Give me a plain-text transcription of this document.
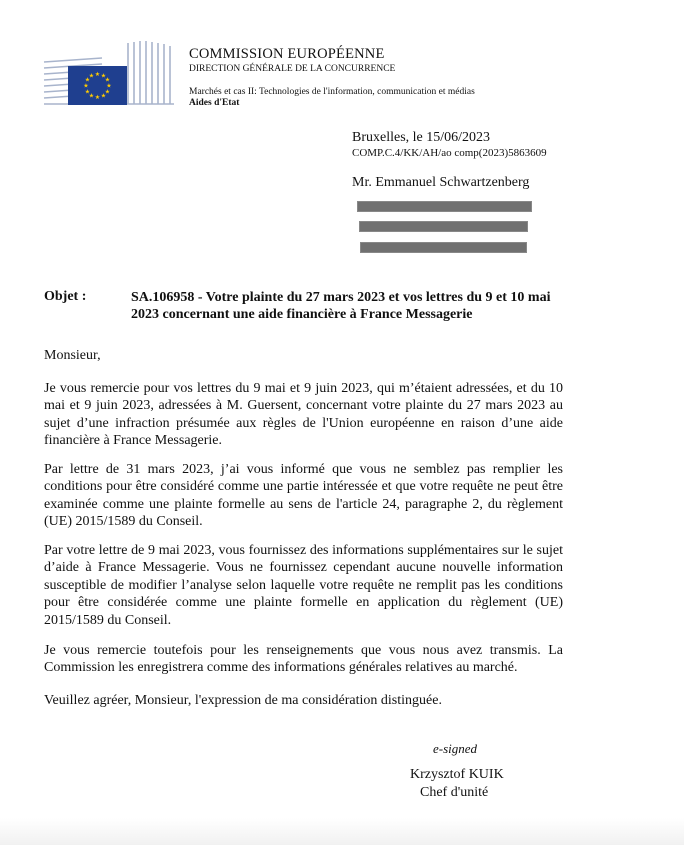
★ ★
★
★
★
★
★
★
★
★
★
★
COMMISSION EUROPÉENNE
DIRECTION GÉNÉRALE DE LA CONCURRENCE
Marchés et cas II: Technologies de l'information, communication et médias
Aides d'Etat
Bruxelles, le 15/06/2023
COMP.C.4/KK/AH/ao comp(2023)5863609
Mr. Emmanuel Schwartzenberg
Objet :	SA.106958 - Votre plainte du 27 mars 2023 et vos lettres du 9 et 10 mai 2023 concernant une aide financière à France Messagerie

Monsieur,

Je vous remercie pour vos lettres du 9 mai et 9 juin 2023, qui m’étaient adressées, et du 10 mai et 9 juin 2023, adressées à M. Guersent, concernant votre plainte du 27 mars 2023 au sujet d’une infraction présumée aux règles de l'Union européenne en raison d’une aide financière à France Messagerie.

Par lettre de 31 mars 2023, j’ai vous informé que vous ne semblez pas remplier les conditions pour être considéré comme une partie intéressée et que votre requête ne peut être examinée comme une plainte formelle au sens de l'article 24, paragraphe 2, du règlement (UE) 2015/1589 du Conseil.

Par votre lettre de 9 mai 2023, vous fournissez des informations supplémentaires sur le sujet d’aide à France Messagerie. Vous ne fournissez cependant aucune nouvelle information susceptible de modifier l’analyse selon laquelle votre requête ne remplit pas les conditions pour être considérée comme une plainte formelle en application du règlement (UE) 2015/1589 du Conseil.

Je vous remercie toutefois pour les renseignements que vous nous avez transmis. La Commission les enregistrera comme des informations générales relatives au marché.

Veuillez agréer, Monsieur, l'expression de ma considération distinguée.

e-signed
Krzysztof KUIK
Chef d'unité
